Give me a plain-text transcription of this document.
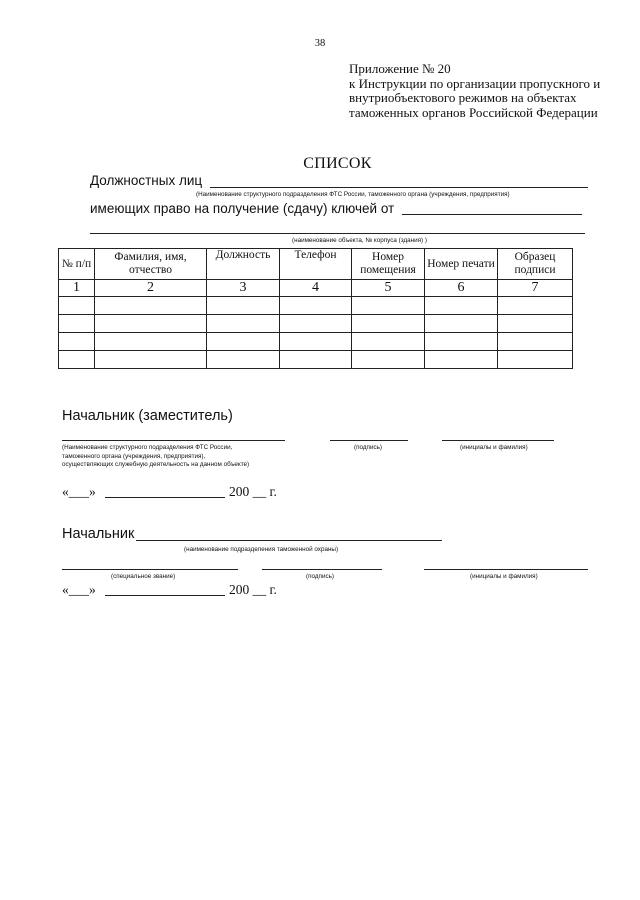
38
Приложение № 20
к Инструкции по организации пропускного и
внутриобъектового режимов на объектах
таможенных органов Российской Федерации
СПИСОК
Должностных лиц
(Наименование структурного подразделения ФТС России, таможенного органа (учреждения, предприятия)
имеющих право на получение (сдачу) ключей от
(наименование объекта, № корпуса (здания) )
№ п/п	Фамилия, имя, отчество	Должность	Телефон	Номер помещения	Номер печати	Образец подписи
1	2	3	4	5	6	7

Начальник (заместитель)
(Наименование структурного подразделения ФТС России,
таможенного органа (учреждения, предприятия),
осуществляющих служебную деятельность на данном объекте)
(подпись)	(инициалы и фамилия)
«___»	200 __ г.
Начальник
(наименование подразделения таможенной охраны)
(специальное звание)	(подпись)	(инициалы и фамилия)
«___»	200 __ г.
